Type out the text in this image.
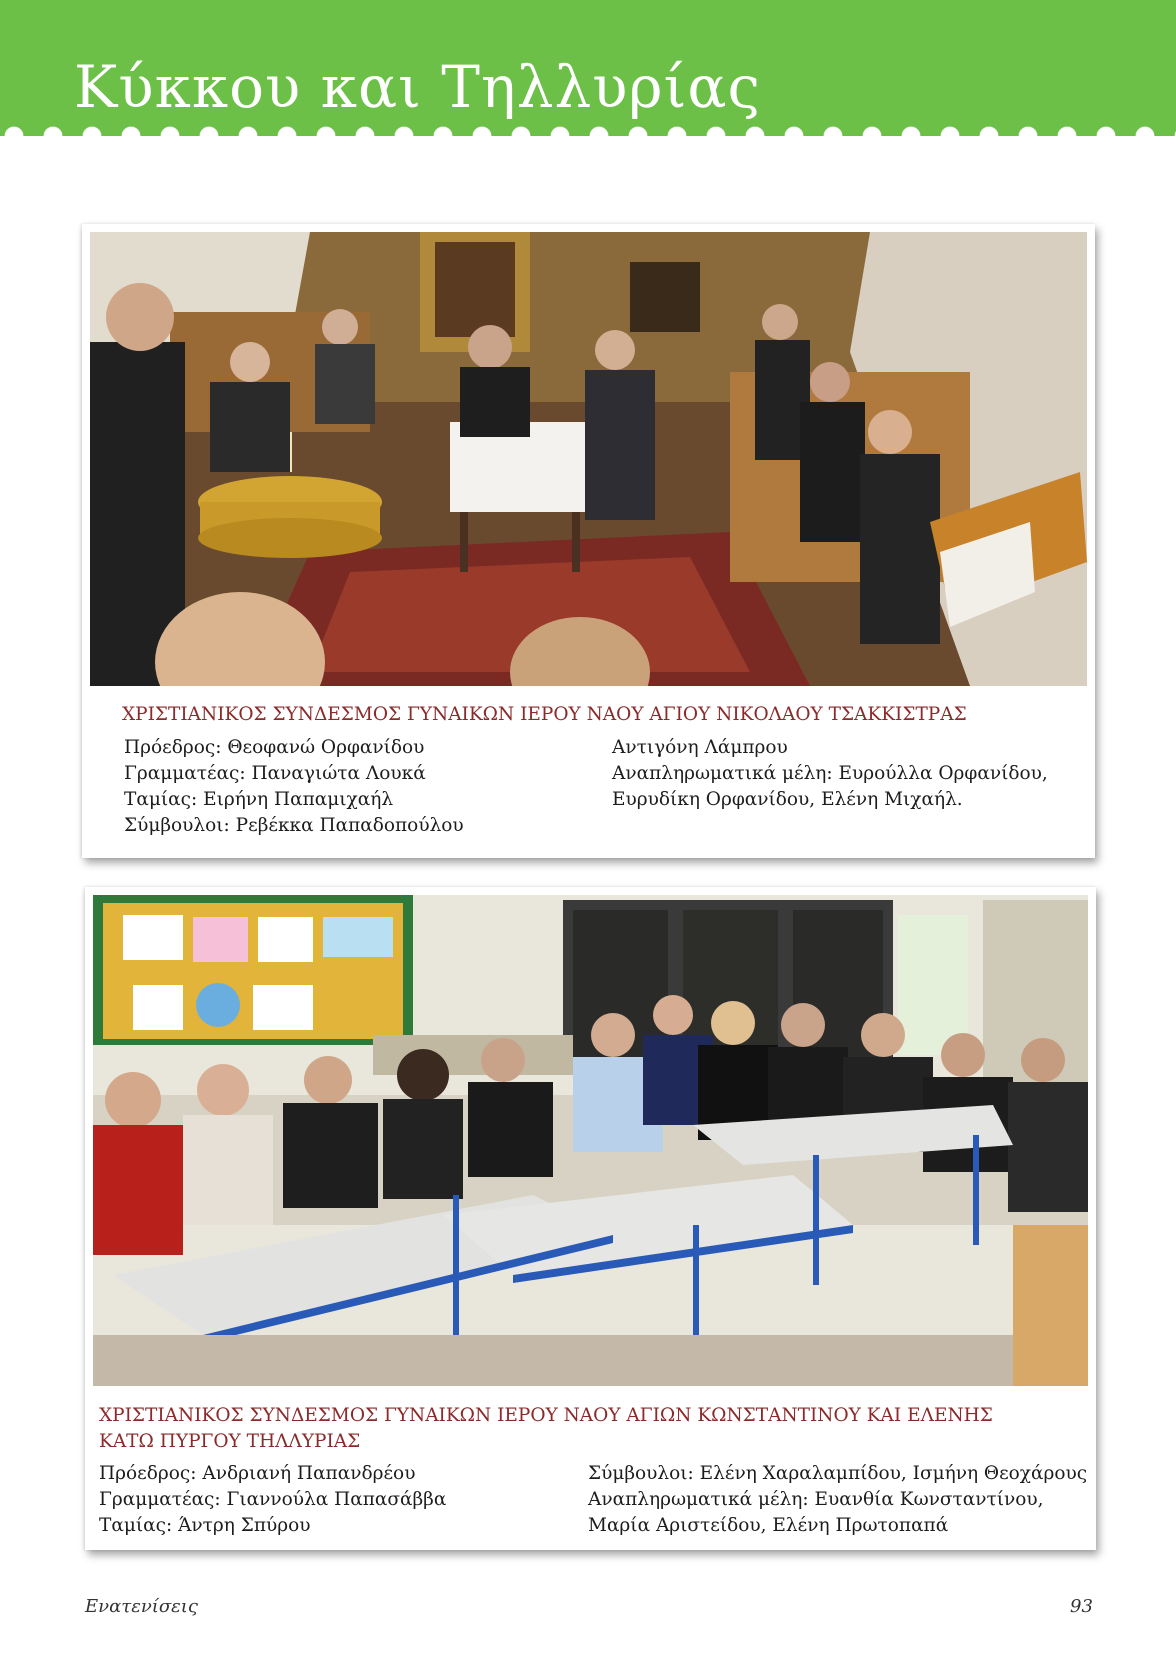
Κύκκου και Τηλλυρίας
ΧΡΙΣΤΙΑΝΙΚΟΣ ΣΥΝΔΕΣΜΟΣ ΓΥΝΑΙΚΩΝ ΙΕΡΟΥ ΝΑΟΥ ΑΓΙΟΥ ΝΙΚΟΛΑΟΥ ΤΣΑΚΚΙΣΤΡΑΣ
Πρόεδρος: Θεοφανώ Ορφανίδου
Γραμματέας: Παναγιώτα Λουκά
Ταμίας: Ειρήνη Παπαμιχαήλ
Σύμβουλοι: Ρεβέκκα Παπαδοπούλου
Αντιγόνη Λάμπρου
Αναπληρωματικά μέλη: Ευρούλλα Ορφανίδου,
Ευρυδίκη Ορφανίδου, Ελένη Μιχαήλ.
ΧΡΙΣΤΙΑΝΙΚΟΣ ΣΥΝΔΕΣΜΟΣ ΓΥΝΑΙΚΩΝ ΙΕΡΟΥ ΝΑΟΥ ΑΓΙΩΝ ΚΩΝΣΤΑΝΤΙΝΟΥ ΚΑΙ ΕΛΕΝΗΣ
ΚΑΤΩ ΠΥΡΓΟΥ ΤΗΛΛΥΡΙΑΣ
Πρόεδρος: Ανδριανή Παπανδρέου
Γραμματέας: Γιαννούλα Παπασάββα
Ταμίας: Άντρη Σπύρου
Σύμβουλοι: Ελένη Χαραλαμπίδου, Ισμήνη Θεοχάρους
Αναπληρωματικά μέλη: Ευανθία Κωνσταντίνου,
Μαρία Αριστείδου, Ελένη Πρωτοπαπά
Ενατενίσεις	93
